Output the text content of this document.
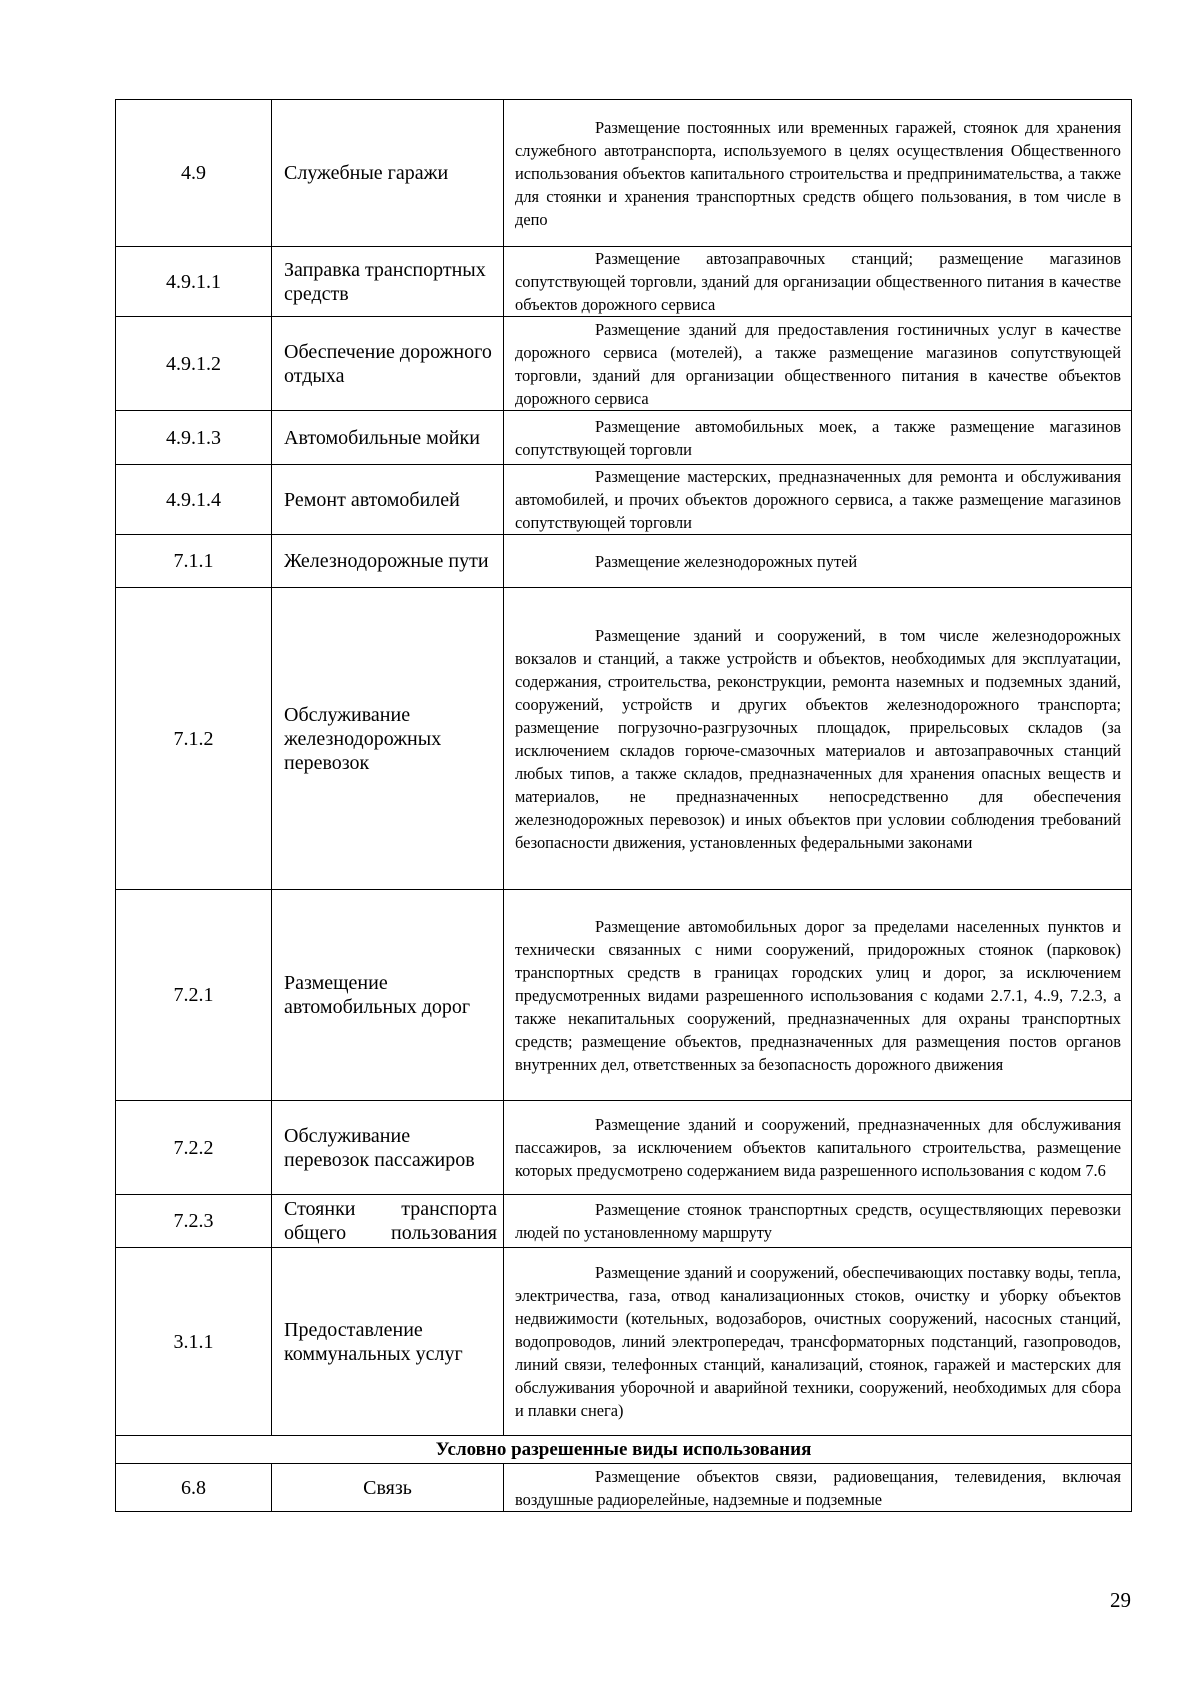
4.9	Служебные гаражи	Размещение постоянных или временных гаражей, стоянок для хранения служебного автотранспорта, используемого в целях осуществления Общественного использования объектов капитального строительства и предпринимательства, а также для стоянки и хранения транспортных средств общего пользования, в том числе в депо

4.9.1.1	Заправка транспортных средств	Размещение автозаправочных станций; размещение магазинов сопутствующей торговли, зданий для организации общественного питания в качестве объектов дорожного сервиса

4.9.1.2	Обеспечение дорожного отдыха	Размещение зданий для предоставления гостиничных услуг в качестве дорожного сервиса (мотелей), а также размещение магазинов сопутствующей торговли, зданий для организации общественного питания в качестве объектов дорожного сервиса

4.9.1.3	Автомобильные мойки	Размещение автомобильных моек, а также размещение магазинов сопутствующей торговли

4.9.1.4	Ремонт автомобилей	Размещение мастерских, предназначенных для ремонта и обслуживания автомобилей, и прочих объектов дорожного сервиса, а также размещение магазинов сопутствующей торговли

7.1.1	Железнодорожные пути	Размещение железнодорожных путей

7.1.2	Обслуживание железнодорожных перевозок	Размещение зданий и сооружений, в том числе железнодорожных вокзалов и станций, а также устройств и объектов, необходимых для эксплуатации, содержания, строительства, реконструкции, ремонта наземных и подземных зданий, сооружений, устройств и других объектов железнодорожного транспорта; размещение погрузочно-разгрузочных площадок, прирельсовых складов (за исключением складов горюче-смазочных материалов и автозаправочных станций любых типов, а также складов, предназначенных для хранения опасных веществ и материалов, не предназначенных непосредственно для обеспечения железнодорожных перевозок) и иных объектов при условии соблюдения требований безопасности движения, установленных федеральными законами

7.2.1	Размещение автомобильных дорог	Размещение автомобильных дорог за пределами населенных пунктов и технически связанных с ними сооружений, придорожных стоянок (парковок) транспортных средств в границах городских улиц и дорог, за исключением предусмотренных видами разрешенного использования с кодами 2.7.1, 4..9, 7.2.3, а также некапитальных сооружений, предназначенных для охраны транспортных средств; размещение объектов, предназначенных для размещения постов органов внутренних дел, ответственных за безопасность дорожного движения

7.2.2	Обслуживание перевозок пассажиров	Размещение зданий и сооружений, предназначенных для обслуживания пассажиров, за исключением объектов капитального строительства, размещение которых предусмотрено содержанием вида разрешенного использования с кодом 7.6

7.2.3	Стоянки транспорта общего пользования	Размещение стоянок транспортных средств, осуществляющих перевозки людей по установленному маршруту

3.1.1	Предоставление коммунальных услуг	Размещение зданий и сооружений, обеспечивающих поставку воды, тепла, электричества, газа, отвод канализационных стоков, очистку и уборку объектов недвижимости (котельных, водозаборов, очистных сооружений, насосных станций, водопроводов, линий электропередач, трансформаторных подстанций, газопроводов, линий связи, телефонных станций, канализаций, стоянок, гаражей и мастерских для обслуживания уборочной и аварийной техники, сооружений, необходимых для сбора и плавки снега)

Условно разрешенные виды использования		
6.8	Связь	Размещение объектов связи, радиовещания, телевидения, включая воздушные радиорелейные, надземные и подземные
29
